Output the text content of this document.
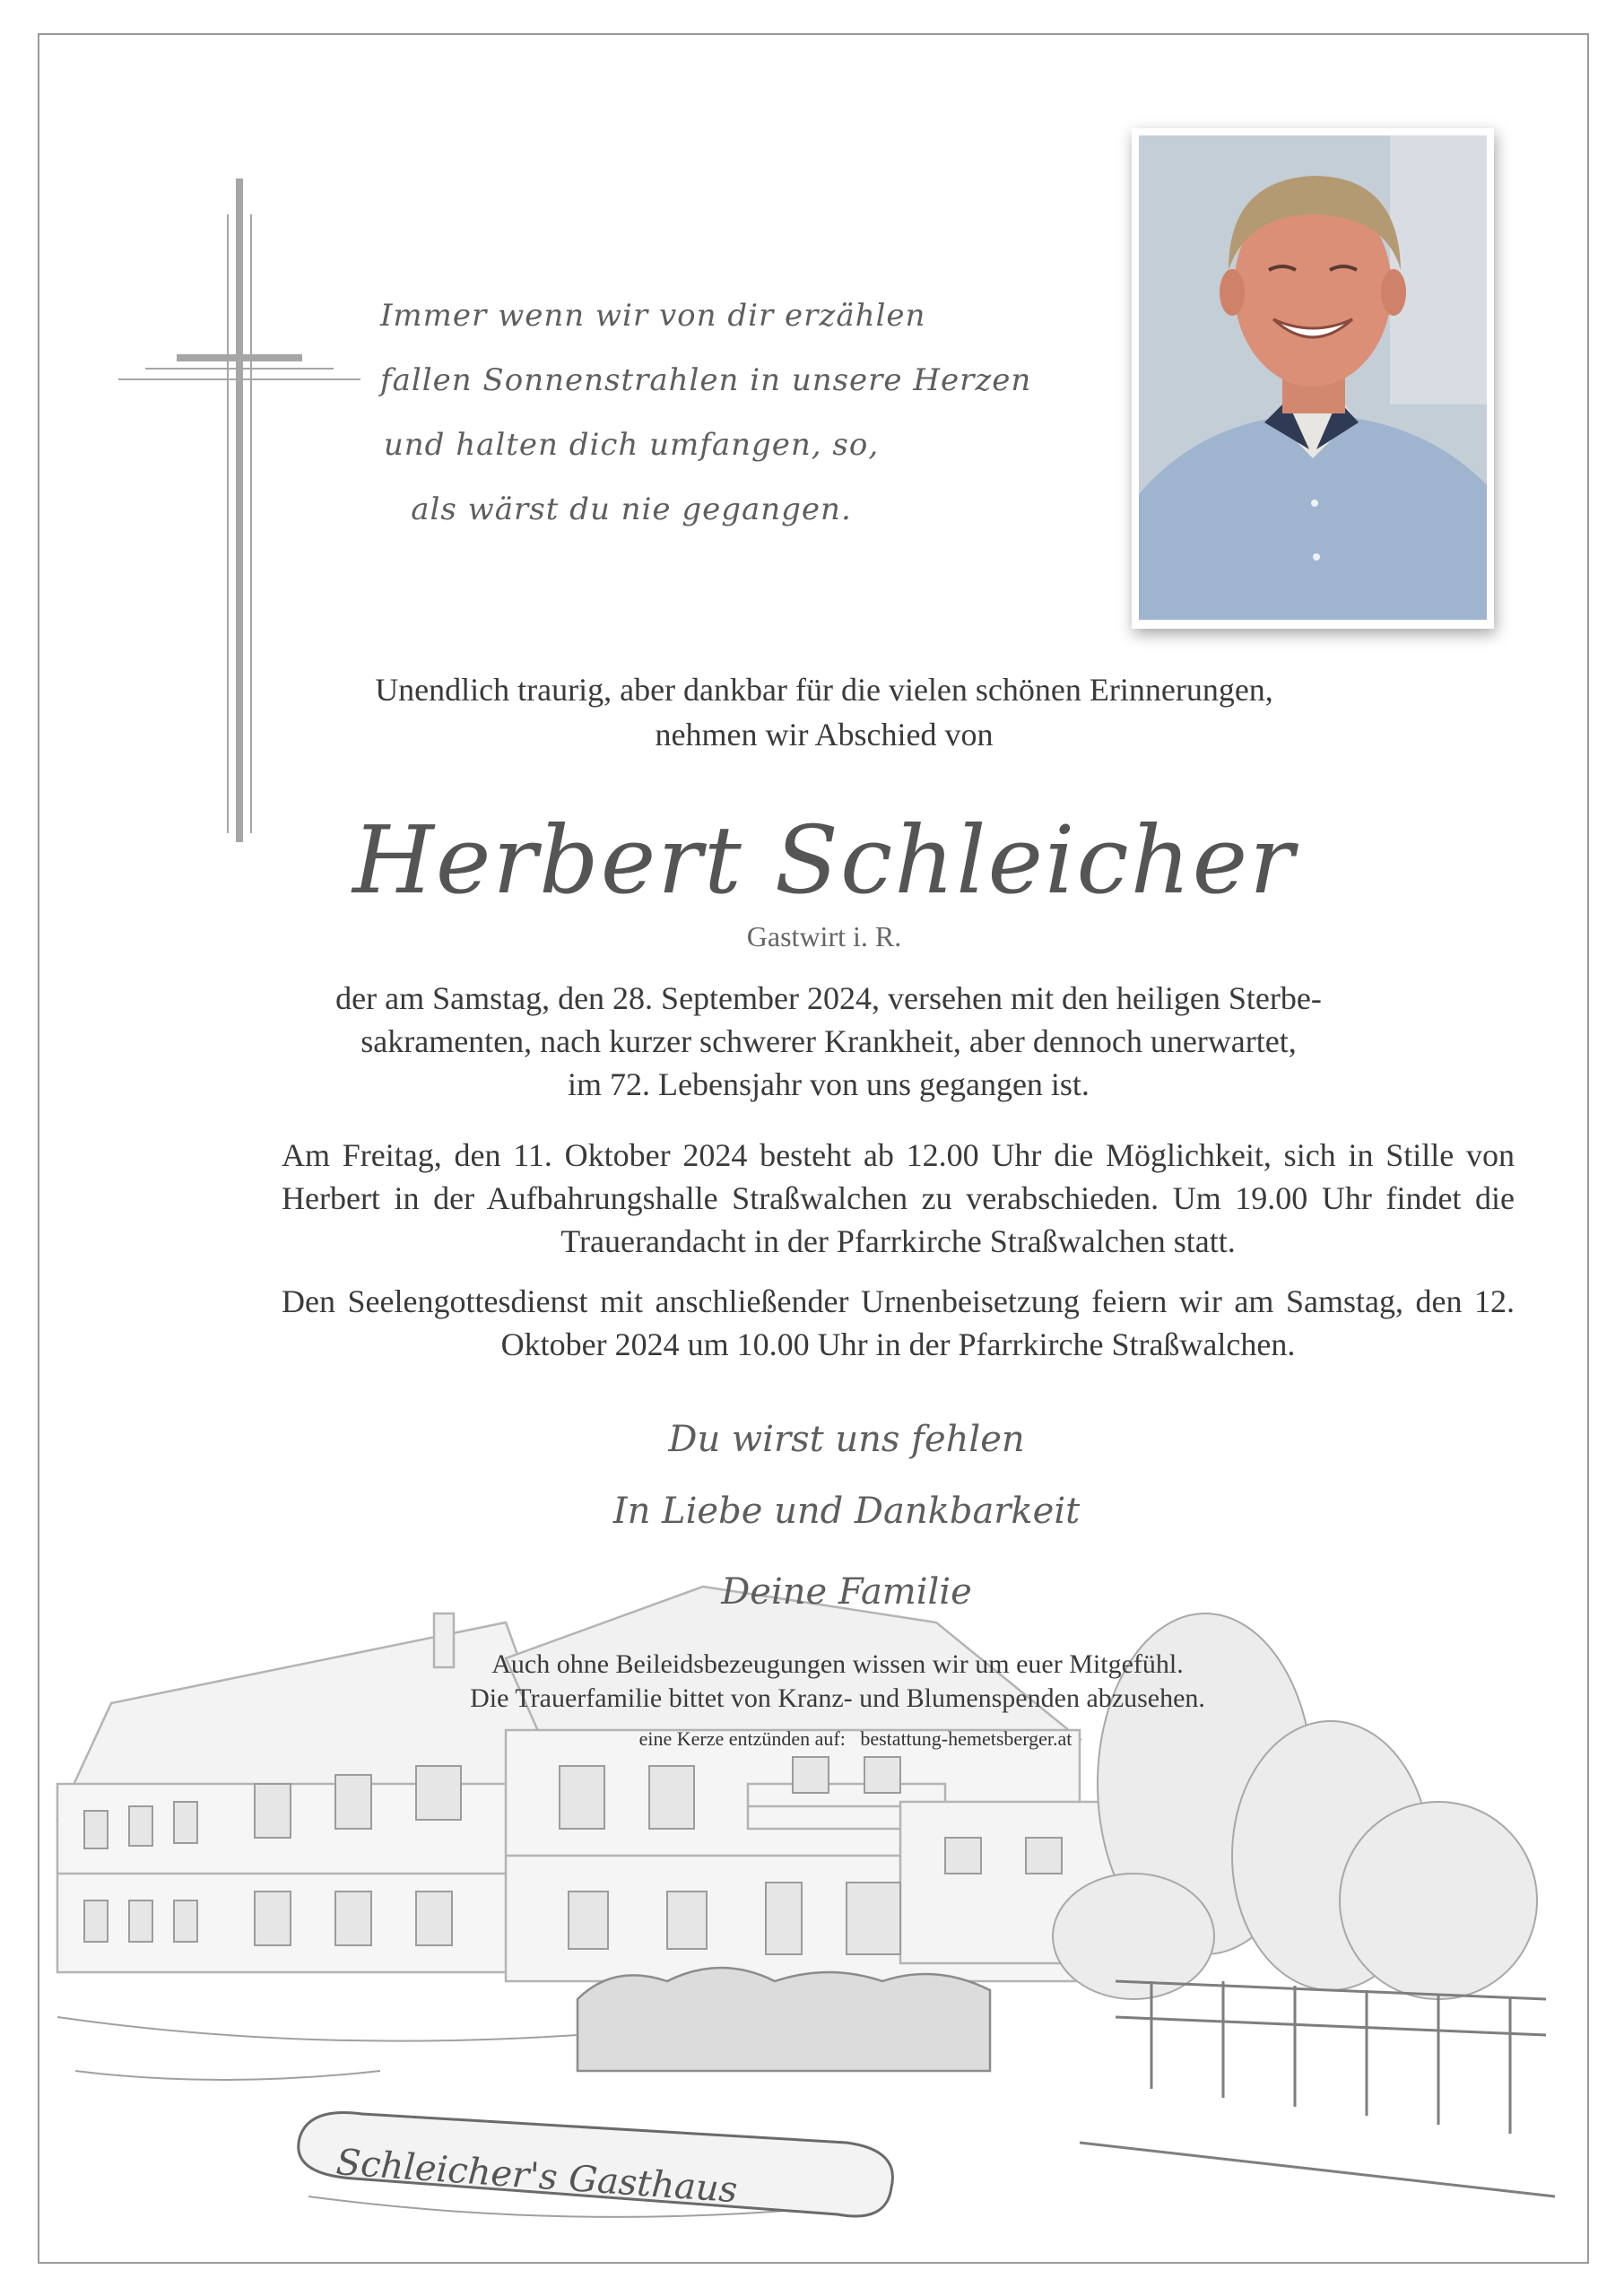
Schleicher's Gasthaus
Immer wenn wir von dir erzählen
fallen Sonnenstrahlen in unsere Herzen
und halten dich umfangen, so,
als wärst du nie gegangen.
Unendlich traurig, aber dankbar für die vielen schönen Erinnerungen,
nehmen wir Abschied von
Herbert Schleicher
Gastwirt i. R.
der am Samstag, den 28. September 2024, versehen mit den heiligen Sterbe-
sakramenten, nach kurzer schwerer Krankheit, aber dennoch unerwartet,
im 72. Lebensjahr von uns gegangen ist.
Am Freitag, den 11. Oktober 2024 besteht ab 12.00 Uhr die Möglichkeit, sich in Stille von Herbert in der Aufbahrungshalle Straßwalchen zu verabschieden. Um 19.00 Uhr findet die Trauerandacht in der Pfarrkirche Straßwalchen statt.
Den Seelengottesdienst mit anschließender Urnenbeisetzung feiern wir am Samstag, den 12. Oktober 2024 um 10.00 Uhr in der Pfarrkirche Straßwalchen.
Du wirst uns fehlen
In Liebe und Dankbarkeit
Deine Familie
Auch ohne Beileidsbezeugungen wissen wir um euer Mitgefühl.
Die Trauerfamilie bittet von Kranz- und Blumenspenden abzusehen.
eine Kerze entzünden auf: bestattung-hemetsberger.at
